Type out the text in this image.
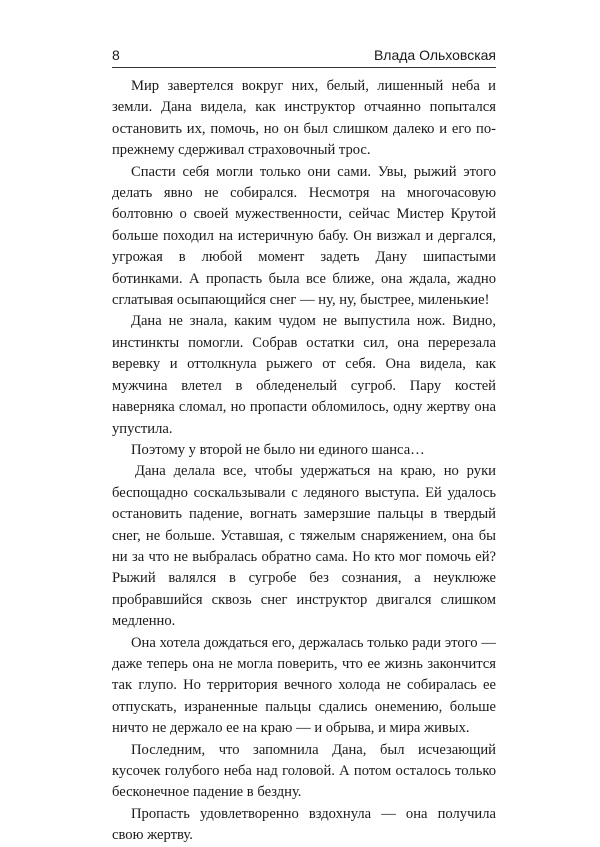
8	Влада Ольховская

Мир завертелся вокруг них, белый, лишенный неба и земли. Дана видела, как инструктор отчаянно попытался остановить их, помочь, но он был слишком далеко и его по-прежнему сдерживал страховочный трос.

Спасти себя могли только они сами. Увы, рыжий этого делать явно не собирался. Несмотря на многочасовую болтовню о своей мужественности, сейчас Мистер Крутой больше походил на истеричную бабу. Он визжал и дергался, угрожая в любой момент задеть Дану шипастыми ботинками. А пропасть была все ближе, она ждала, жадно сглатывая осыпающийся снег — ну, ну, быстрее, миленькие!

Дана не знала, каким чудом не выпустила нож. Видно, инстинкты помогли. Собрав остатки сил, она перерезала веревку и оттолкнула рыжего от себя. Она видела, как мужчина влетел в обледенелый сугроб. Пару костей наверняка сломал, но пропасти обломилось, одну жертву она упустила.

Поэтому у второй не было ни единого шанса…

Дана делала все, чтобы удержаться на краю, но руки беспощадно соскальзывали с ледяного выступа. Ей удалось остановить падение, вогнать замерзшие пальцы в твердый снег, не больше. Уставшая, с тяжелым снаряжением, она бы ни за что не выбралась обратно сама. Но кто мог помочь ей? Рыжий валялся в сугробе без сознания, а неуклюже пробравшийся сквозь снег инструктор двигался слишком медленно.

Она хотела дождаться его, держалась только ради этого — даже теперь она не могла поверить, что ее жизнь закончится так глупо. Но территория вечного холода не собиралась ее отпускать, израненные пальцы сдались онемению, больше ничто не держало ее на краю — и обрыва, и мира живых.

Последним, что запомнила Дана, был исчезающий кусочек голубого неба над головой. А потом осталось только бесконечное падение в бездну.

Пропасть удовлетворенно вздохнула — она получила свою жертву.
